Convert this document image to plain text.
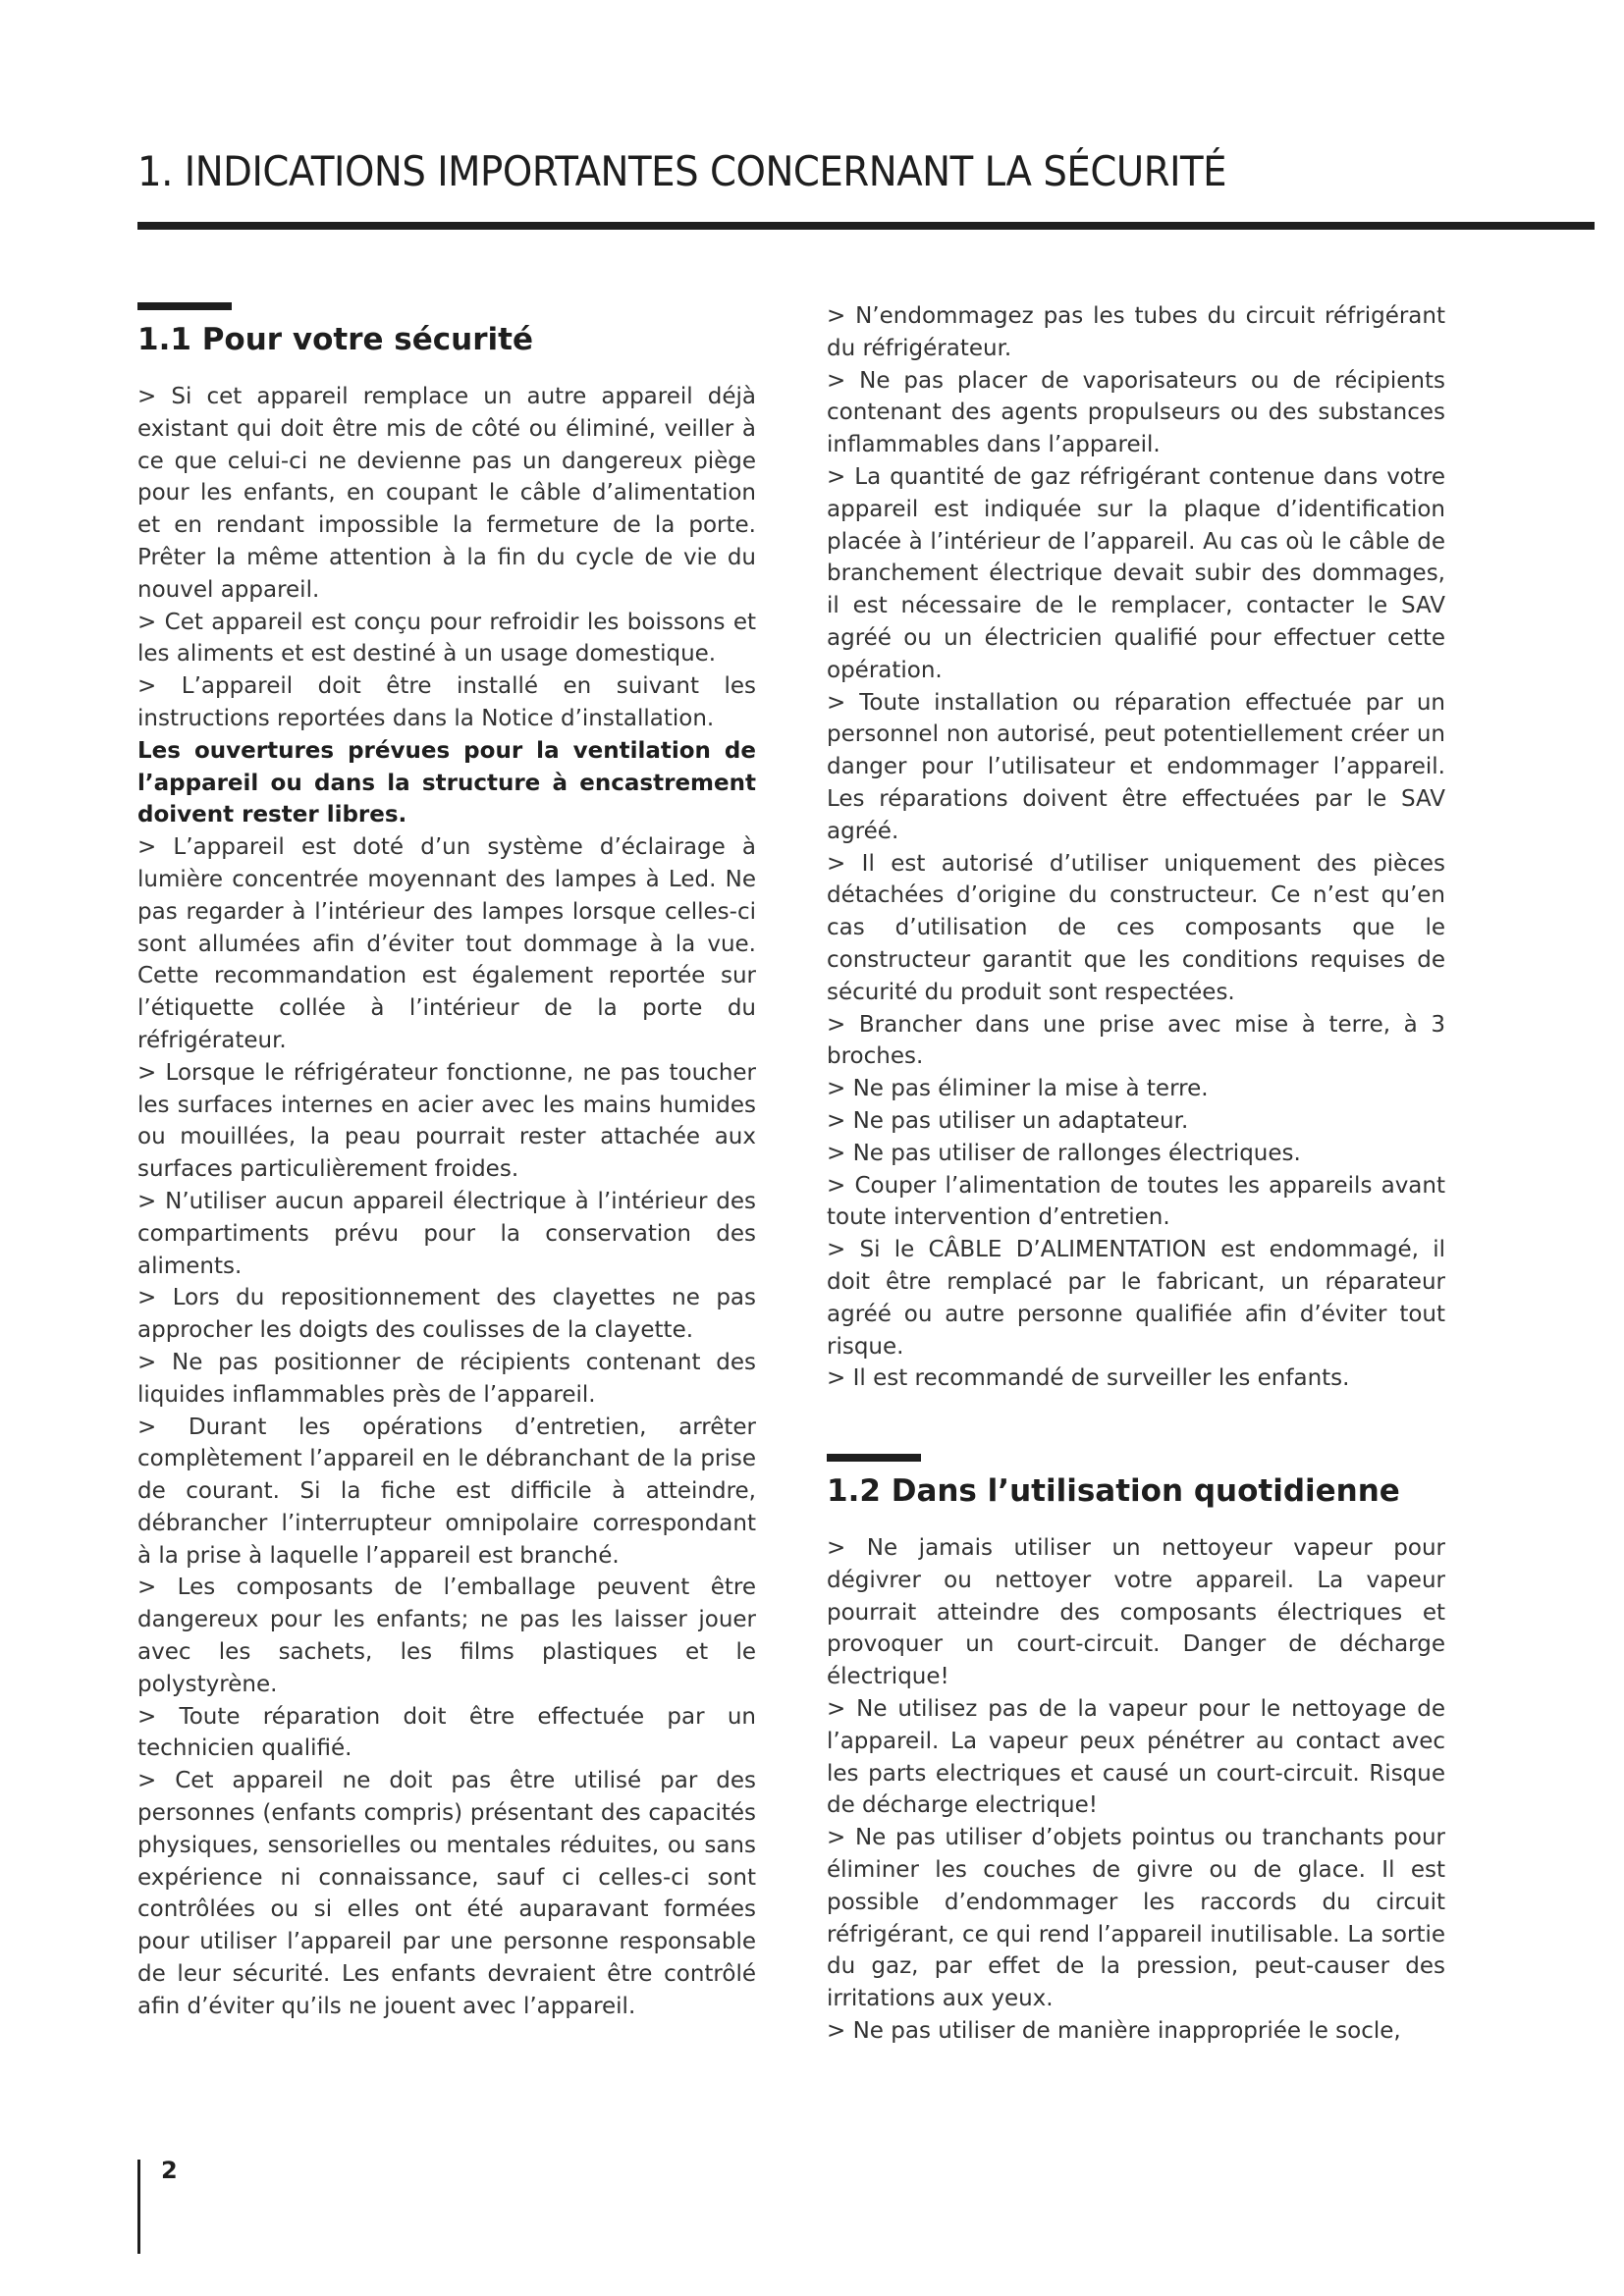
1. INDICATIONS IMPORTANTES CONCERNANT LA SÉCURITÉ
1.1 Pour votre sécurité

> Si cet appareil remplace un autre appareil déjà existant qui doit être mis de côté ou éliminé, veiller à ce que celui-ci ne devienne pas un dangereux piège pour les enfants, en coupant le câble d’alimentation et en rendant impossible la fermeture de la porte. Prêter la même attention à la fin du cycle de vie du nouvel appareil.

> Cet appareil est conçu pour refroidir les boissons et les aliments et est destiné à un usage domestique.

> L’appareil doit être installé en suivant les instructions reportées dans la Notice d’installation.

Les ouvertures prévues pour la ventilation de l’appareil ou dans la structure à encastrement doivent rester libres.

> L’appareil est doté d’un système d’éclairage à lumière concentrée moyennant des lampes à Led. Ne pas regarder à l’intérieur des lampes lorsque celles-ci sont allumées afin d’éviter tout dommage à la vue. Cette recommandation est également reportée sur l’étiquette collée à l’intérieur de la porte du réfrigérateur.

> Lorsque le réfrigérateur fonctionne, ne pas toucher les surfaces internes en acier avec les mains humides ou mouillées, la peau pourrait rester attachée aux surfaces particulièrement froides.

> N’utiliser aucun appareil électrique à l’intérieur des compartiments prévu pour la conservation des aliments.

> Lors du repositionnement des clayettes ne pas approcher les doigts des coulisses de la clayette.

> Ne pas positionner de récipients contenant des liquides inflammables près de l’appareil.

> Durant les opérations d’entretien, arrêter complètement l’appareil en le débranchant de la prise de courant. Si la fiche est difficile à atteindre, débrancher l’interrupteur omnipolaire correspondant à la prise à laquelle l’appareil est branché.

> Les composants de l’emballage peuvent être dangereux pour les enfants; ne pas les laisser jouer avec les sachets, les films plastiques et le polystyrène.

> Toute réparation doit être effectuée par un technicien qualifié.

> Cet appareil ne doit pas être utilisé par des personnes (enfants compris) présentant des capacités physiques, sensorielles ou mentales réduites, ou sans expérience ni connaissance, sauf ci celles-ci sont contrôlées ou si elles ont été auparavant formées pour utiliser l’appareil par une personne responsable de leur sécurité. Les enfants devraient être contrôlé afin d’éviter qu’ils ne jouent avec l’appareil.

> N’endommagez pas les tubes du circuit réfrigérant du réfrigérateur.

> Ne pas placer de vaporisateurs ou de récipients contenant des agents propulseurs ou des substances inflammables dans l’appareil.

> La quantité de gaz réfrigérant contenue dans votre appareil est indiquée sur la plaque d’identification placée à l’intérieur de l’appareil. Au cas où le câble de branchement électrique devait subir des dommages, il est nécessaire de le remplacer, contacter le SAV agréé ou un électricien qualifié pour effectuer cette opération.

> Toute installation ou réparation effectuée par un personnel non autorisé, peut potentiellement créer un danger pour l’utilisateur et endommager l’appareil. Les réparations doivent être effectuées par le SAV agréé.

> Il est autorisé d’utiliser uniquement des pièces détachées d’origine du constructeur. Ce n’est qu’en cas d’utilisation de ces composants que le constructeur garantit que les conditions requises de sécurité du produit sont respectées.

> Brancher dans une prise avec mise à terre, à 3 broches.

> Ne pas éliminer la mise à terre.

> Ne pas utiliser un adaptateur.

> Ne pas utiliser de rallonges électriques.

> Couper l’alimentation de toutes les appareils avant toute intervention d’entretien.

> Si le CÂBLE D’ALIMENTATION est endommagé, il doit être remplacé par le fabricant, un réparateur agréé ou autre personne qualifiée afin d’éviter tout risque.

> Il est recommandé de surveiller les enfants.

1.2 Dans l’utilisation quotidienne

> Ne jamais utiliser un nettoyeur vapeur pour dégivrer ou nettoyer votre appareil. La vapeur pourrait atteindre des composants électriques et provoquer un court-circuit. Danger de décharge électrique!

> Ne utilisez pas de la vapeur pour le nettoyage de l’appareil. La vapeur peux pénétrer au contact avec les parts electriques et causé un court-circuit. Risque de décharge electrique!

> Ne pas utiliser d’objets pointus ou tranchants pour éliminer les couches de givre ou de glace. Il est possible d’endommager les raccords du circuit réfrigérant, ce qui rend l’appareil inutilisable. La sortie du gaz, par effet de la pression, peut-causer des irritations aux yeux.

> Ne pas utiliser de manière inappropriée le socle,

2
